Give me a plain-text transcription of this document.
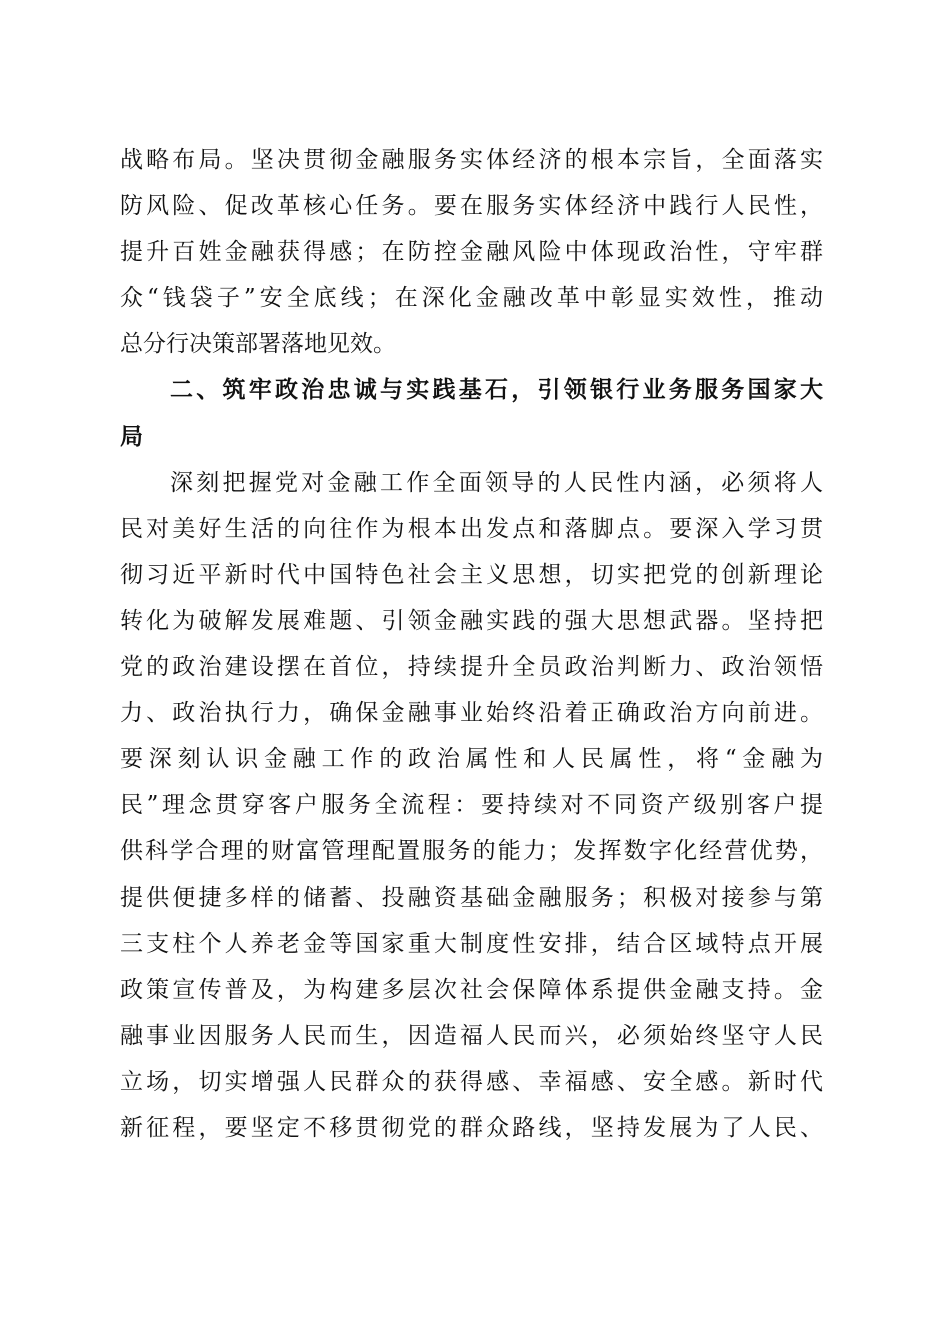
战略布局。坚决贯彻金融服务实体经济的根本宗旨，全面落实
防风险、促改革核心任务。要在服务实体经济中践行人民性，
提升百姓金融获得感；在防控金融风险中体现政治性，守牢群
众“钱袋子”安全底线；在深化金融改革中彰显实效性，推动
总分行决策部署落地见效。
二、筑牢政治忠诚与实践基石，引领银行业务服务国家大
局
深刻把握党对金融工作全面领导的人民性内涵，必须将人
民对美好生活的向往作为根本出发点和落脚点。要深入学习贯
彻习近平新时代中国特色社会主义思想，切实把党的创新理论
转化为破解发展难题、引领金融实践的强大思想武器。坚持把
党的政治建设摆在首位，持续提升全员政治判断力、政治领悟
力、政治执行力，确保金融事业始终沿着正确政治方向前进。
要深刻认识金融工作的政治属性和人民属性，将“金融为
民”理念贯穿客户服务全流程：要持续对不同资产级别客户提
供科学合理的财富管理配置服务的能力；发挥数字化经营优势，
提供便捷多样的储蓄、投融资基础金融服务；积极对接参与第
三支柱个人养老金等国家重大制度性安排，结合区域特点开展
政策宣传普及，为构建多层次社会保障体系提供金融支持。金
融事业因服务人民而生，因造福人民而兴，必须始终坚守人民
立场，切实增强人民群众的获得感、幸福感、安全感。新时代
新征程，要坚定不移贯彻党的群众路线，坚持发展为了人民、
